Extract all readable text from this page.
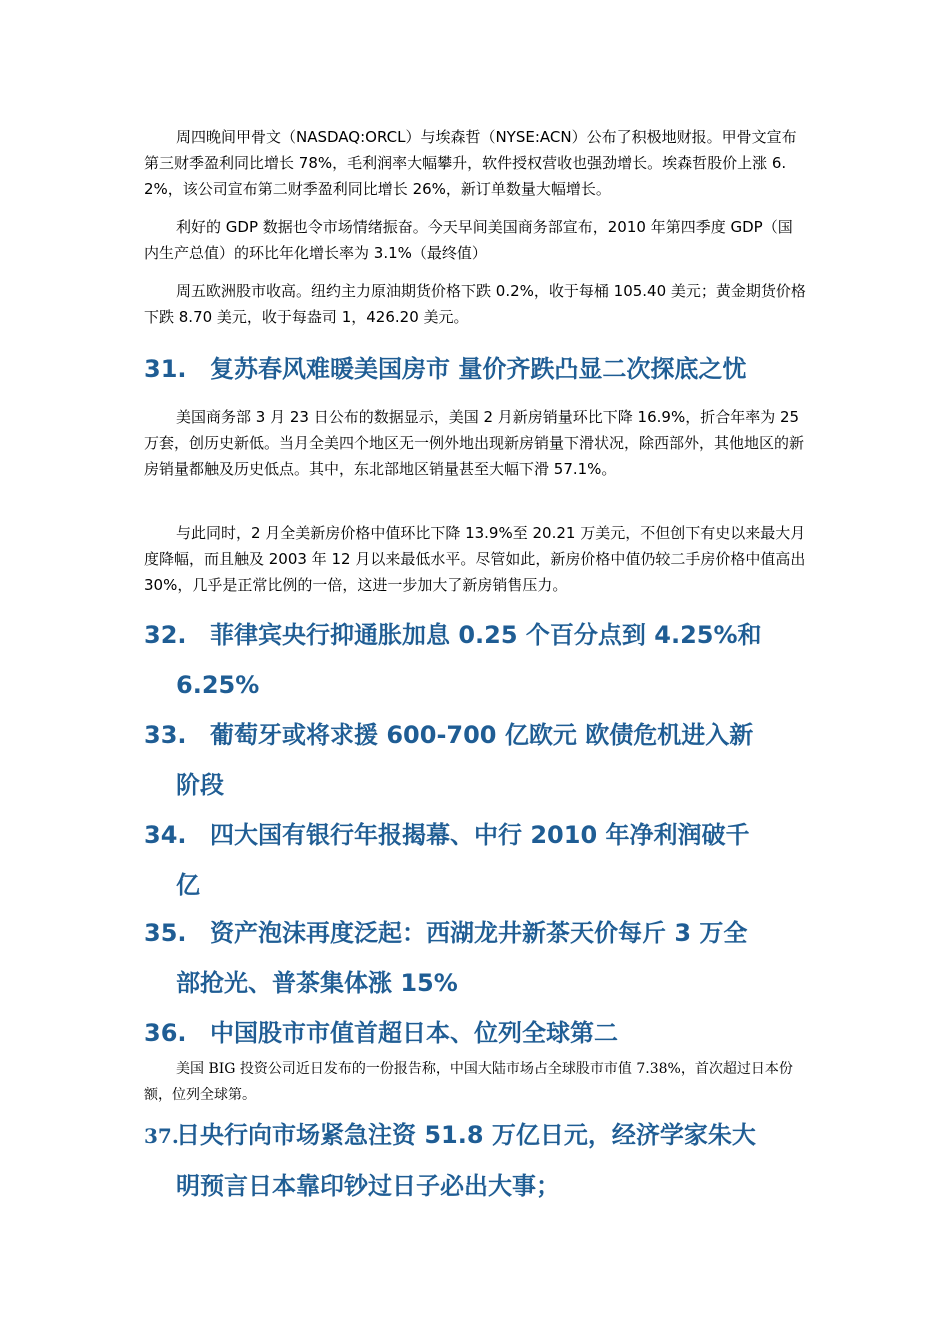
周四晚间甲骨文（NASDAQ:ORCL）与埃森哲（NYSE:ACN）公布了积极地财报。甲骨文宣布第三财季盈利同比增长 78%，毛利润率大幅攀升，软件授权营收也强劲增长。埃森哲股价上涨 6.2%，该公司宣布第二财季盈利同比增长 26%，新订单数量大幅增长。

利好的 GDP 数据也令市场情绪振奋。今天早间美国商务部宣布，2010 年第四季度 GDP（国内生产总值）的环比年化增长率为 3.1%（最终值）

周五欧洲股市收高。纽约主力原油期货价格下跌 0.2%，收于每桶 105.40 美元；黄金期货价格下跌 8.70 美元，收于每盎司 1，426.20 美元。

31. 复苏春风难暖美国房市 量价齐跌凸显二次探底之忧

美国商务部 3 月 23 日公布的数据显示，美国 2 月新房销量环比下降 16.9%，折合年率为 25 万套，创历史新低。当月全美四个地区无一例外地出现新房销量下滑状况，除西部外，其他地区的新房销量都触及历史低点。其中，东北部地区销量甚至大幅下滑 57.1%。

与此同时，2 月全美新房价格中值环比下降 13.9%至 20.21 万美元，不但创下有史以来最大月度降幅，而且触及 2003 年 12 月以来最低水平。尽管如此，新房价格中值仍较二手房价格中值高出 30%，几乎是正常比例的一倍，这进一步加大了新房销售压力。

32. 菲律宾央行抑通胀加息 0.25 个百分点到 4.25%和
6.25%
33. 葡萄牙或将求援 600-700 亿欧元 欧债危机进入新
阶段
34. 四大国有银行年报揭幕、中行 2010 年净利润破千
亿
35. 资产泡沫再度泛起：西湖龙井新茶天价每斤 3 万全
部抢光、普茶集体涨 15%
36. 中国股市市值首超日本、位列全球第二

美国 BIG 投资公司近日发布的一份报告称，中国大陆市场占全球股市市值 7.38%，首次超过日本份额，位列全球第。

37.日央行向市场紧急注资 51.8 万亿日元，经济学家朱大
明预言日本靠印钞过日子必出大事；
